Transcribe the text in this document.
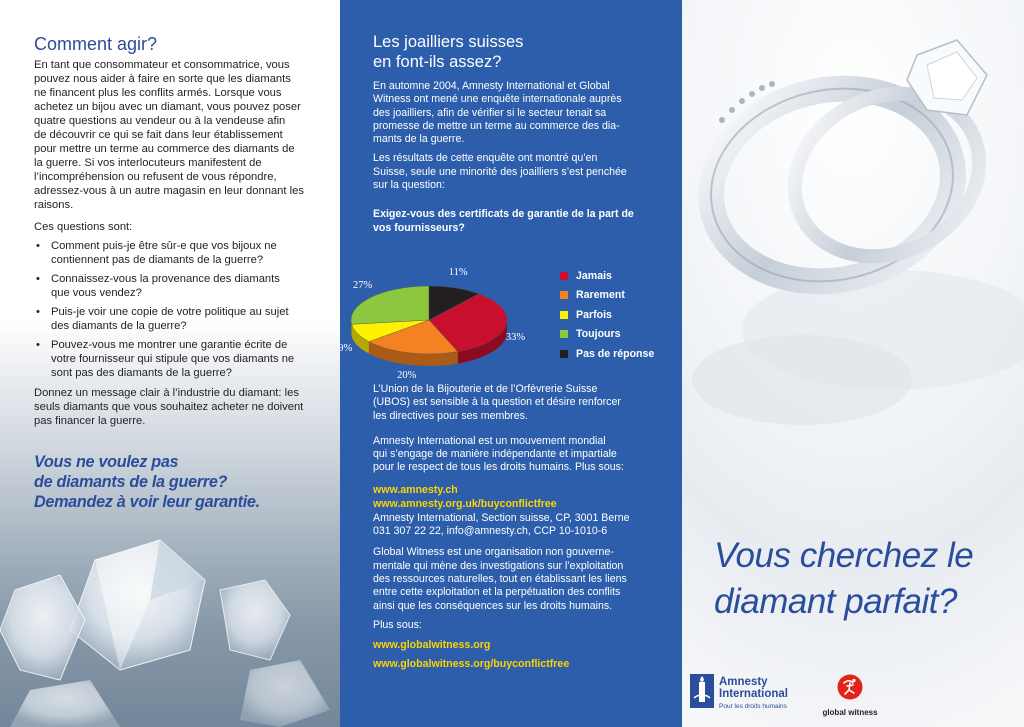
Comment agir?
En tant que consommateur et consommatrice, vous
pouvez nous aider à faire en sorte que les diamants
ne financent plus les conflits armés. Lorsque vous
achetez un bijou avec un diamant, vous pouvez poser
quatre questions au vendeur ou à la vendeuse afin
de découvrir ce qui se fait dans leur établissement
pour mettre un terme au commerce des diamants de
la guerre. Si vos interlocuteurs manifestent de
l’incompréhension ou refusent de vous répondre,
adressez-vous à un autre magasin en leur donnant les
raisons.
Ces questions sont:
• Comment puis-je être sûr-e que vos bijoux ne
contiennent pas de diamants de la guerre?
• Connaissez-vous la provenance des diamants
que vous vendez?
• Puis-je voir une copie de votre politique au sujet
des diamants de la guerre?
• Pouvez-vous me montrer une garantie écrite de
votre fournisseur qui stipule que vos diamants ne
sont pas des diamants de la guerre?
Donnez un message clair à l’industrie du diamant: les
seuls diamants que vous souhaitez acheter ne doivent
pas financer la guerre.
Vous ne voulez pas
de diamants de la guerre?
Demandez à voir leur garantie.
Les joailliers suisses
en font-ils assez?
En automne 2004, Amnesty International et Global
Witness ont mené une enquête internationale auprès
des joailliers, afin de vérifier si le secteur tenait sa
promesse de mettre un terme au commerce des dia-
mants de la guerre.
Les résultats de cette enquête ont montré qu’en
Suisse, seule une minorité des joailliers s’est penchée
sur la question:
Exigez-vous des certificats de garantie de la part de
vos fournisseurs?
Jamais
Rarement
Parfois
Toujours
Pas de réponse
33%
20%
9%
27%
11%
L’Union de la Bijouterie et de l’Orfèvrerie Suisse
(UBOS) est sensible à la question et désire renforcer
les directives pour ses membres.
Amnesty International est un mouvement mondial
qui s’engage de manière indépendante et impartiale
pour le respect de tous les droits humains. Plus sous:
www.amnesty.ch
www.amnesty.org.uk/buyconflictfree
Amnesty International, Section suisse, CP, 3001 Berne
031 307 22 22, info@amnesty.ch, CCP 10-1010-6
Global Witness est une organisation non gouverne-
mentale qui mène des investigations sur l’exploitation
des ressources naturelles, tout en établissant les liens
entre cette exploitation et la perpétuation des conflits
ainsi que les conséquences sur les droits humains.
Plus sous:
www.globalwitness.org
www.globalwitness.org/buyconflictfree
Vous cherchez le
diamant parfait?
Amnesty
International
Pour les droits humains
global witness
